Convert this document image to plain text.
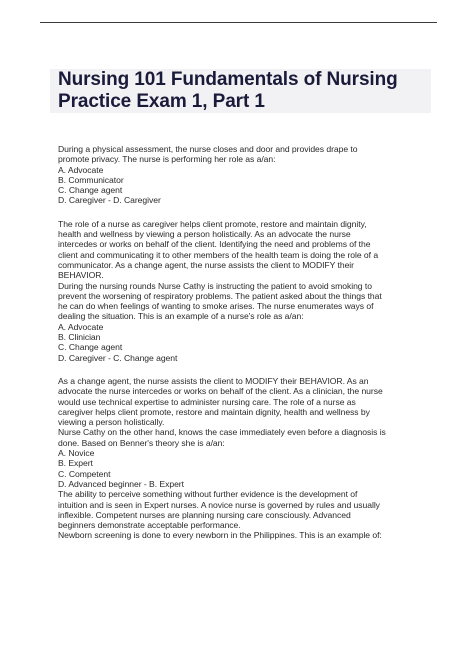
Nursing 101 Fundamentals of Nursing
Practice Exam 1, Part 1
During a physical assessment, the nurse closes and door and provides drape to
promote privacy. The nurse is performing her role as a/an:
A. Advocate
B. Communicator
C. Change agent
D. Caregiver - D. Caregiver
The role of a nurse as caregiver helps client promote, restore and maintain dignity,
health and wellness by viewing a person holistically. As an advocate the nurse
intercedes or works on behalf of the client. Identifying the need and problems of the
client and communicating it to other members of the health team is doing the role of a
communicator. As a change agent, the nurse assists the client to MODIFY their
BEHAVIOR.
During the nursing rounds Nurse Cathy is instructing the patient to avoid smoking to
prevent the worsening of respiratory problems. The patient asked about the things that
he can do when feelings of wanting to smoke arises. The nurse enumerates ways of
dealing the situation. This is an example of a nurse's role as a/an:
A. Advocate
B. Clinician
C. Change agent
D. Caregiver - C. Change agent
As a change agent, the nurse assists the client to MODIFY their BEHAVIOR. As an
advocate the nurse intercedes or works on behalf of the client. As a clinician, the nurse
would use technical expertise to administer nursing care. The role of a nurse as
caregiver helps client promote, restore and maintain dignity, health and wellness by
viewing a person holistically.
Nurse Cathy on the other hand, knows the case immediately even before a diagnosis is
done. Based on Benner's theory she is a/an:
A. Novice
B. Expert
C. Competent
D. Advanced beginner - B. Expert
The ability to perceive something without further evidence is the development of
intuition and is seen in Expert nurses. A novice nurse is governed by rules and usually
inflexible. Competent nurses are planning nursing care consciously. Advanced
beginners demonstrate acceptable performance.
Newborn screening is done to every newborn in the Philippines. This is an example of:
